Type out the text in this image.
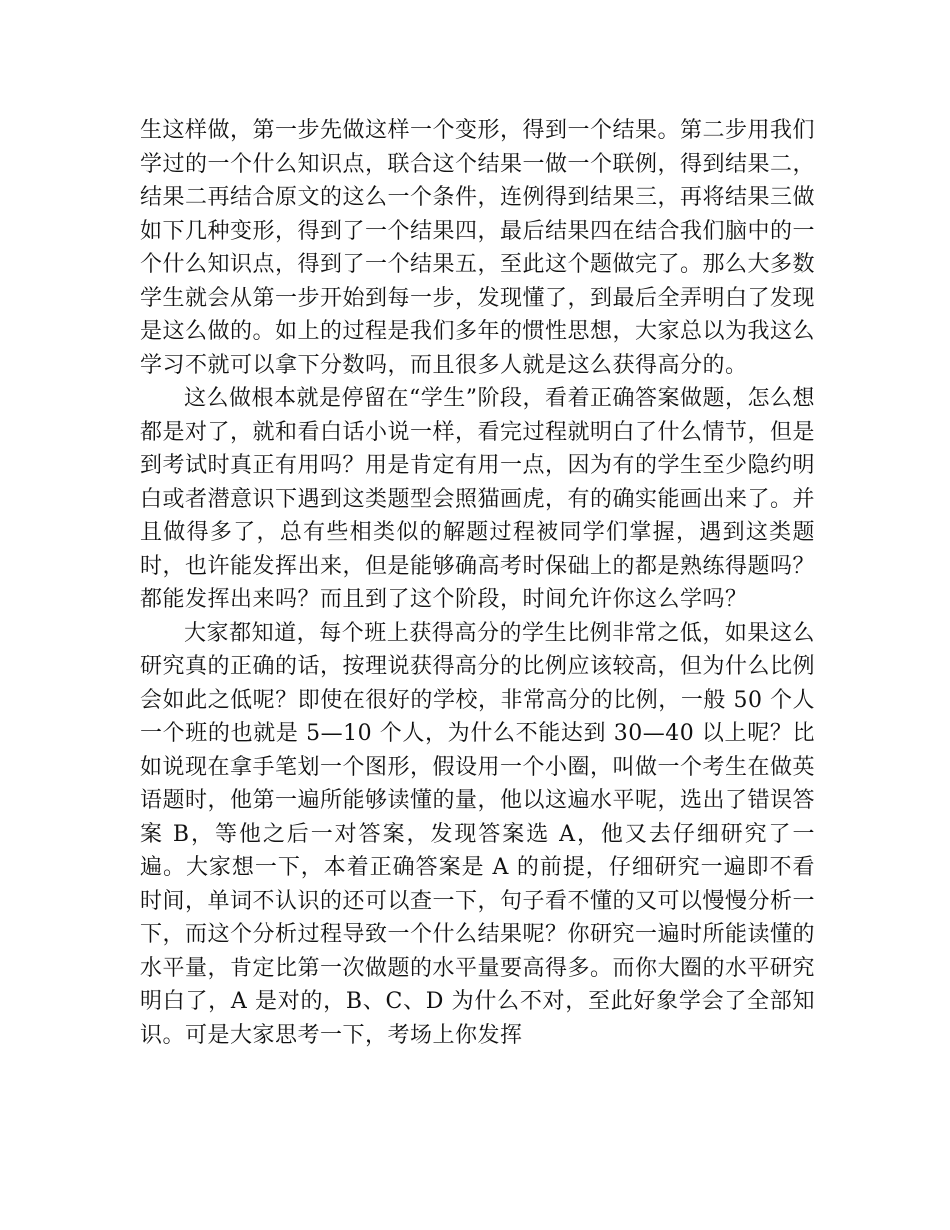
生这样做，第一步先做这样一个变形，得到一个结果。第二步用我们学过的一个什么知识点，联合这个结果一做一个联例，得到结果二，结果二再结合原文的这么一个条件，连例得到结果三，再将结果三做如下几种变形，得到了一个结果四，最后结果四在结合我们脑中的一个什么知识点，得到了一个结果五，至此这个题做完了。那么大多数学生就会从第一步开始到每一步，发现懂了，到最后全弄明白了发现是这么做的。如上的过程是我们多年的惯性思想，大家总以为我这么学习不就可以拿下分数吗，而且很多人就是这么获得高分的。

这么做根本就是停留在“学生”阶段，看着正确答案做题，怎么想都是对了，就和看白话小说一样，看完过程就明白了什么情节，但是到考试时真正有用吗？用是肯定有用一点，因为有的学生至少隐约明白或者潜意识下遇到这类题型会照猫画虎，有的确实能画出来了。并且做得多了，总有些相类似的解题过程被同学们掌握，遇到这类题时，也许能发挥出来，但是能够确高考时保础上的都是熟练得题吗？都能发挥出来吗？而且到了这个阶段，时间允许你这么学吗？

大家都知道，每个班上获得高分的学生比例非常之低，如果这么研究真的正确的话，按理说获得高分的比例应该较高，但为什么比例会如此之低呢？即使在很好的学校，非常高分的比例，一般 50 个人一个班的也就是 5—10 个人，为什么不能达到 30—40 以上呢？比如说现在拿手笔划一个图形，假设用一个小圈，叫做一个考生在做英语题时，他第一遍所能够读懂的量，他以这遍水平呢，选出了错误答案 B，等他之后一对答案，发现答案选 A，他又去仔细研究了一遍。大家想一下，本着正确答案是 A 的前提，仔细研究一遍即不看时间，单词不认识的还可以查一下，句子看不懂的又可以慢慢分析一下，而这个分析过程导致一个什么结果呢？你研究一遍时所能读懂的水平量，肯定比第一次做题的水平量要高得多。而你大圈的水平研究明白了，A 是对的，B、C、D 为什么不对，至此好象学会了全部知识。可是大家思考一下，考场上你发挥
